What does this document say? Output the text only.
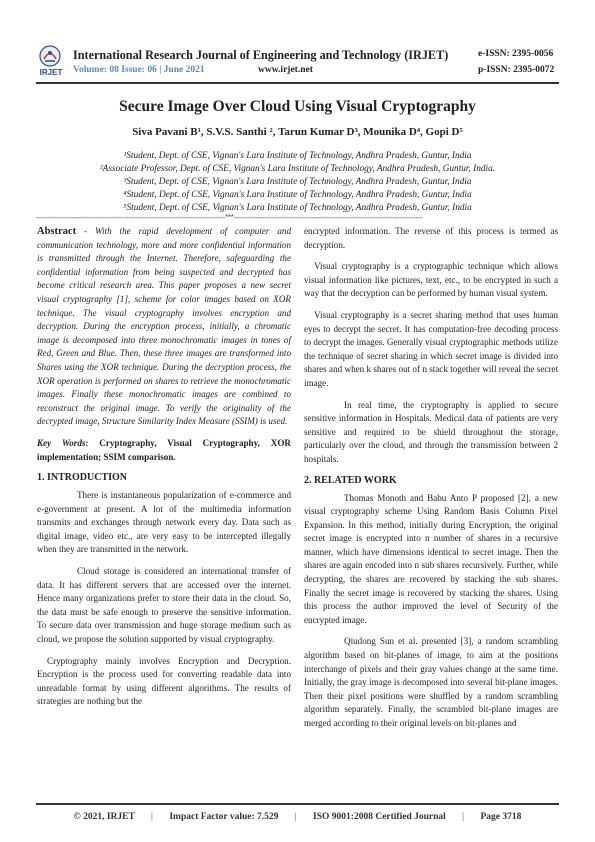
IRJET
International Research Journal of Engineering and Technology (IRJET)
Volume: 08 Issue: 06 | June 2021	www.irjet.net
e-ISSN: 2395-0056
p-ISSN: 2395-0072
Secure Image Over Cloud Using Visual Cryptography
Siva Pavani B¹, S.V.S. Santhi ², Tarun Kumar D³, Mounika D⁴, Gopi D⁵
¹Student, Dept. of CSE, Vignan's Lara Institute of Technology, Andhra Pradesh, Guntur, India
²Associate Professor, Dept. of CSE, Vignan's Lara Institute of Technology, Andhra Pradesh, Guntur, India.
³Student, Dept. of CSE, Vignan's Lara Institute of Technology, Andhra Pradesh, Guntur, India
⁴Student, Dept. of CSE, Vignan's Lara Institute of Technology, Andhra Pradesh, Guntur, India
⁵Student, Dept. of CSE, Vignan's Lara Institute of Technology, Andhra Pradesh, Guntur, India
--------------------------------------------------------------------------------***--------------------------------------------------------------------------------

Abstract - With the rapid development of computer and communication technology, more and more confidential information is transmitted through the Internet. Therefore, safeguarding the confidential information from being suspected and decrypted has become critical research area. This paper proposes a new secret visual cryptography [1], scheme for color images based on XOR technique. The visual cryptography involves encryption and decryption. During the encryption process, initially, a chromatic image is decomposed into three monochromatic images in tones of Red, Green and Blue. Then, these three images are transformed into Shares using the XOR technique. During the decryption process, the XOR operation is performed on shares to retrieve the monochromatic images. Finally these monochromatic images are combined to reconstruct the original image. To verify the originality of the decrypted image, Structure Similarity Index Measure (SSIM) is used.

Key Words: Cryptography, Visual Cryptography, XOR implementation; SSIM comparison.

1. INTRODUCTION

There is instantaneous popularization of e-commerce and e-government at present. A lot of the multimedia information transmits and exchanges through network every day. Data such as digital image, video etc., are very easy to be intercepted illegally when they are transmitted in the network.

Cloud storage is considered an international transfer of data. It has different servers that are accessed over the internet. Hence many organizations prefer to store their data in the cloud. So, the data must be safe enough to preserve the sensitive information. To secure data over transmission and huge storage medium such as cloud, we propose the solution supported by visual cryptography.

Cryptography mainly involves Encryption and Decryption. Encryption is the process used for converting readable data into unreadable format by using different algorithms. The results of strategies are nothing but the

encrypted information. The reverse of this process is termed as decryption.

Visual cryptography is a cryptographic technique which allows visual information like pictures, text, etc., to be encrypted in such a way that the decryption can be performed by human visual system.

Visual cryptography is a secret sharing method that uses human eyes to decrypt the secret. It has computation-free decoding process to decrypt the images. Generally visual cryptographic methods utilize the technique of secret sharing in which secret image is divided into shares and when k shares out of n stack together will reveal the secret image.

In real time, the cryptography is applied to secure sensitive information in Hospitals. Medical data of patients are very sensitive and required to be shield throughout the storage, particularly over the cloud, and through the transmission between 2 hospitals.

2. RELATED WORK

Thomas Monoth and Babu Anto P proposed [2], a new visual cryptography scheme Using Random Basis Column Pixel Expansion. In this method, initially during Encryption, the original secret image is encrypted into n number of shares in a recursive manner, which have dimensions identical to secret image. Then the shares are again encoded into n sub shares recursively. Further, while decrypting, the shares are recovered by stacking the sub shares. Finally the secret image is recovered by stacking the shares. Using this process the author improved the level of Security of the encrypted image.

Qiudong Sun et al. presented [3], a random scrambling algorithm based on bit-planes of image, to aim at the positions interchange of pixels and their gray values change at the same time. Initially, the gray image is decomposed into several bit-plane images. Then their pixel positions were shuffled by a random scrambling algorithm separately. Finally, the scrambled bit-plane images are merged according to their original levels on bit-planes and

© 2021, IRJET | Impact Factor value: 7.529 | ISO 9001:2008 Certified Journal | Page 3718
